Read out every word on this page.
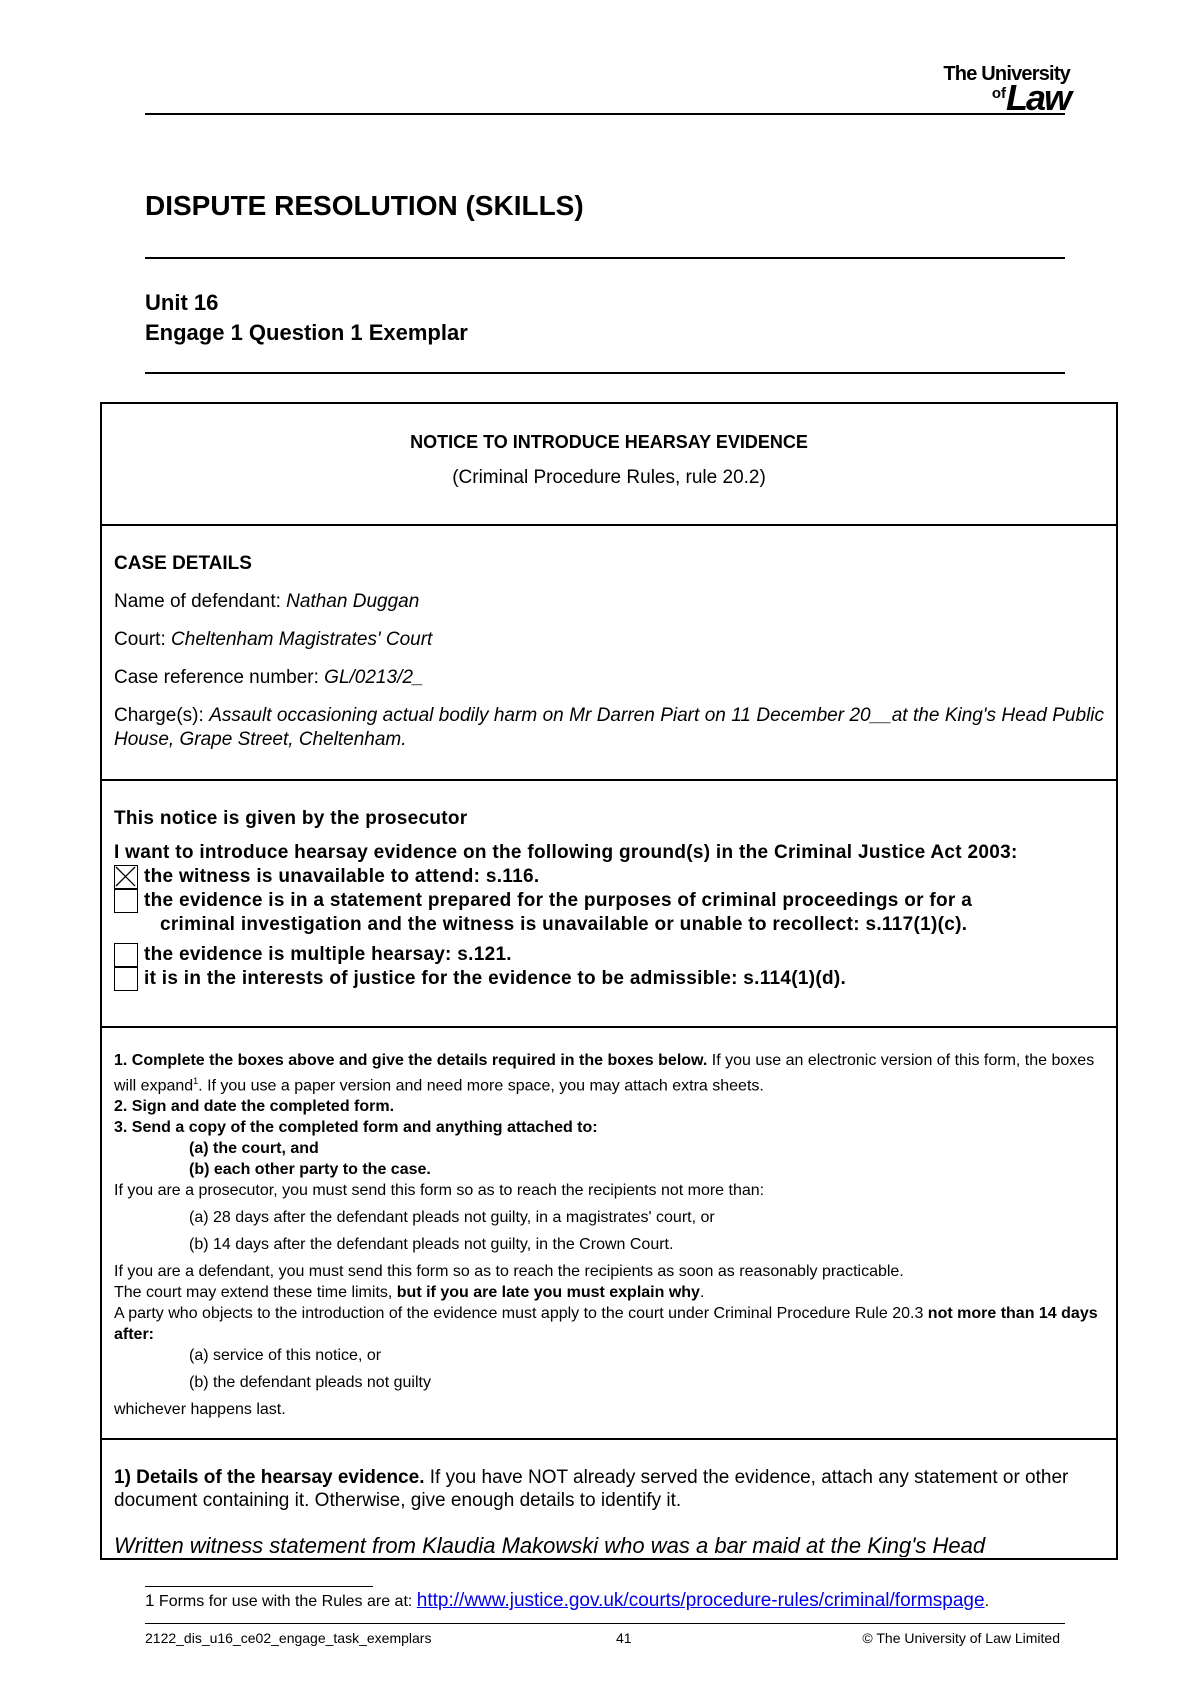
The University
ofLaw
DISPUTE RESOLUTION (SKILLS)
Unit 16
Engage 1 Question 1 Exemplar
NOTICE TO INTRODUCE HEARSAY EVIDENCE
(Criminal Procedure Rules, rule 20.2)

CASE DETAILS

Name of defendant: Nathan Duggan

Court: Cheltenham Magistrates' Court

Case reference number: GL/0213/2_

Charge(s): Assault occasioning actual bodily harm on Mr Darren Piart on 11 December 20__at the King's Head Public House, Grape Street, Cheltenham.

This notice is given by the prosecutor

I want to introduce hearsay evidence on the following ground(s) in the Criminal Justice Act 2003:

the witness is unavailable to attend: s.116.
the evidence is in a statement prepared for the purposes of criminal proceedings or for a
criminal investigation and the witness is unavailable or unable to recollect: s.117(1)(c).
the evidence is multiple hearsay: s.121.
it is in the interests of justice for the evidence to be admissible: s.114(1)(d).

1. Complete the boxes above and give the details required in the boxes below. If you use an electronic version of this form, the boxes will expand$^1$. If you use a paper version and need more space, you may attach extra sheets.

2. Sign and date the completed form.

3. Send a copy of the completed form and anything attached to:

(a) the court, and

(b) each other party to the case.

If you are a prosecutor, you must send this form so as to reach the recipients not more than:

(a) 28 days after the defendant pleads not guilty, in a magistrates' court, or

(b) 14 days after the defendant pleads not guilty, in the Crown Court.

If you are a defendant, you must send this form so as to reach the recipients as soon as reasonably practicable.

The court may extend these time limits, but if you are late you must explain why.

A party who objects to the introduction of the evidence must apply to the court under Criminal Procedure Rule 20.3 not more than 14 days after:

(a) service of this notice, or

(b) the defendant pleads not guilty

whichever happens last.

1) Details of the hearsay evidence. If you have NOT already served the evidence, attach any statement or other document containing it. Otherwise, give enough details to identify it.

Written witness statement from Klaudia Makowski who was a bar maid at the King's Head

1 Forms for use with the Rules are at: http://www.justice.gov.uk/courts/procedure-rules/criminal/formspage.
2122_dis_u16_ce02_engage_task_exemplars	41	© The University of Law Limited
